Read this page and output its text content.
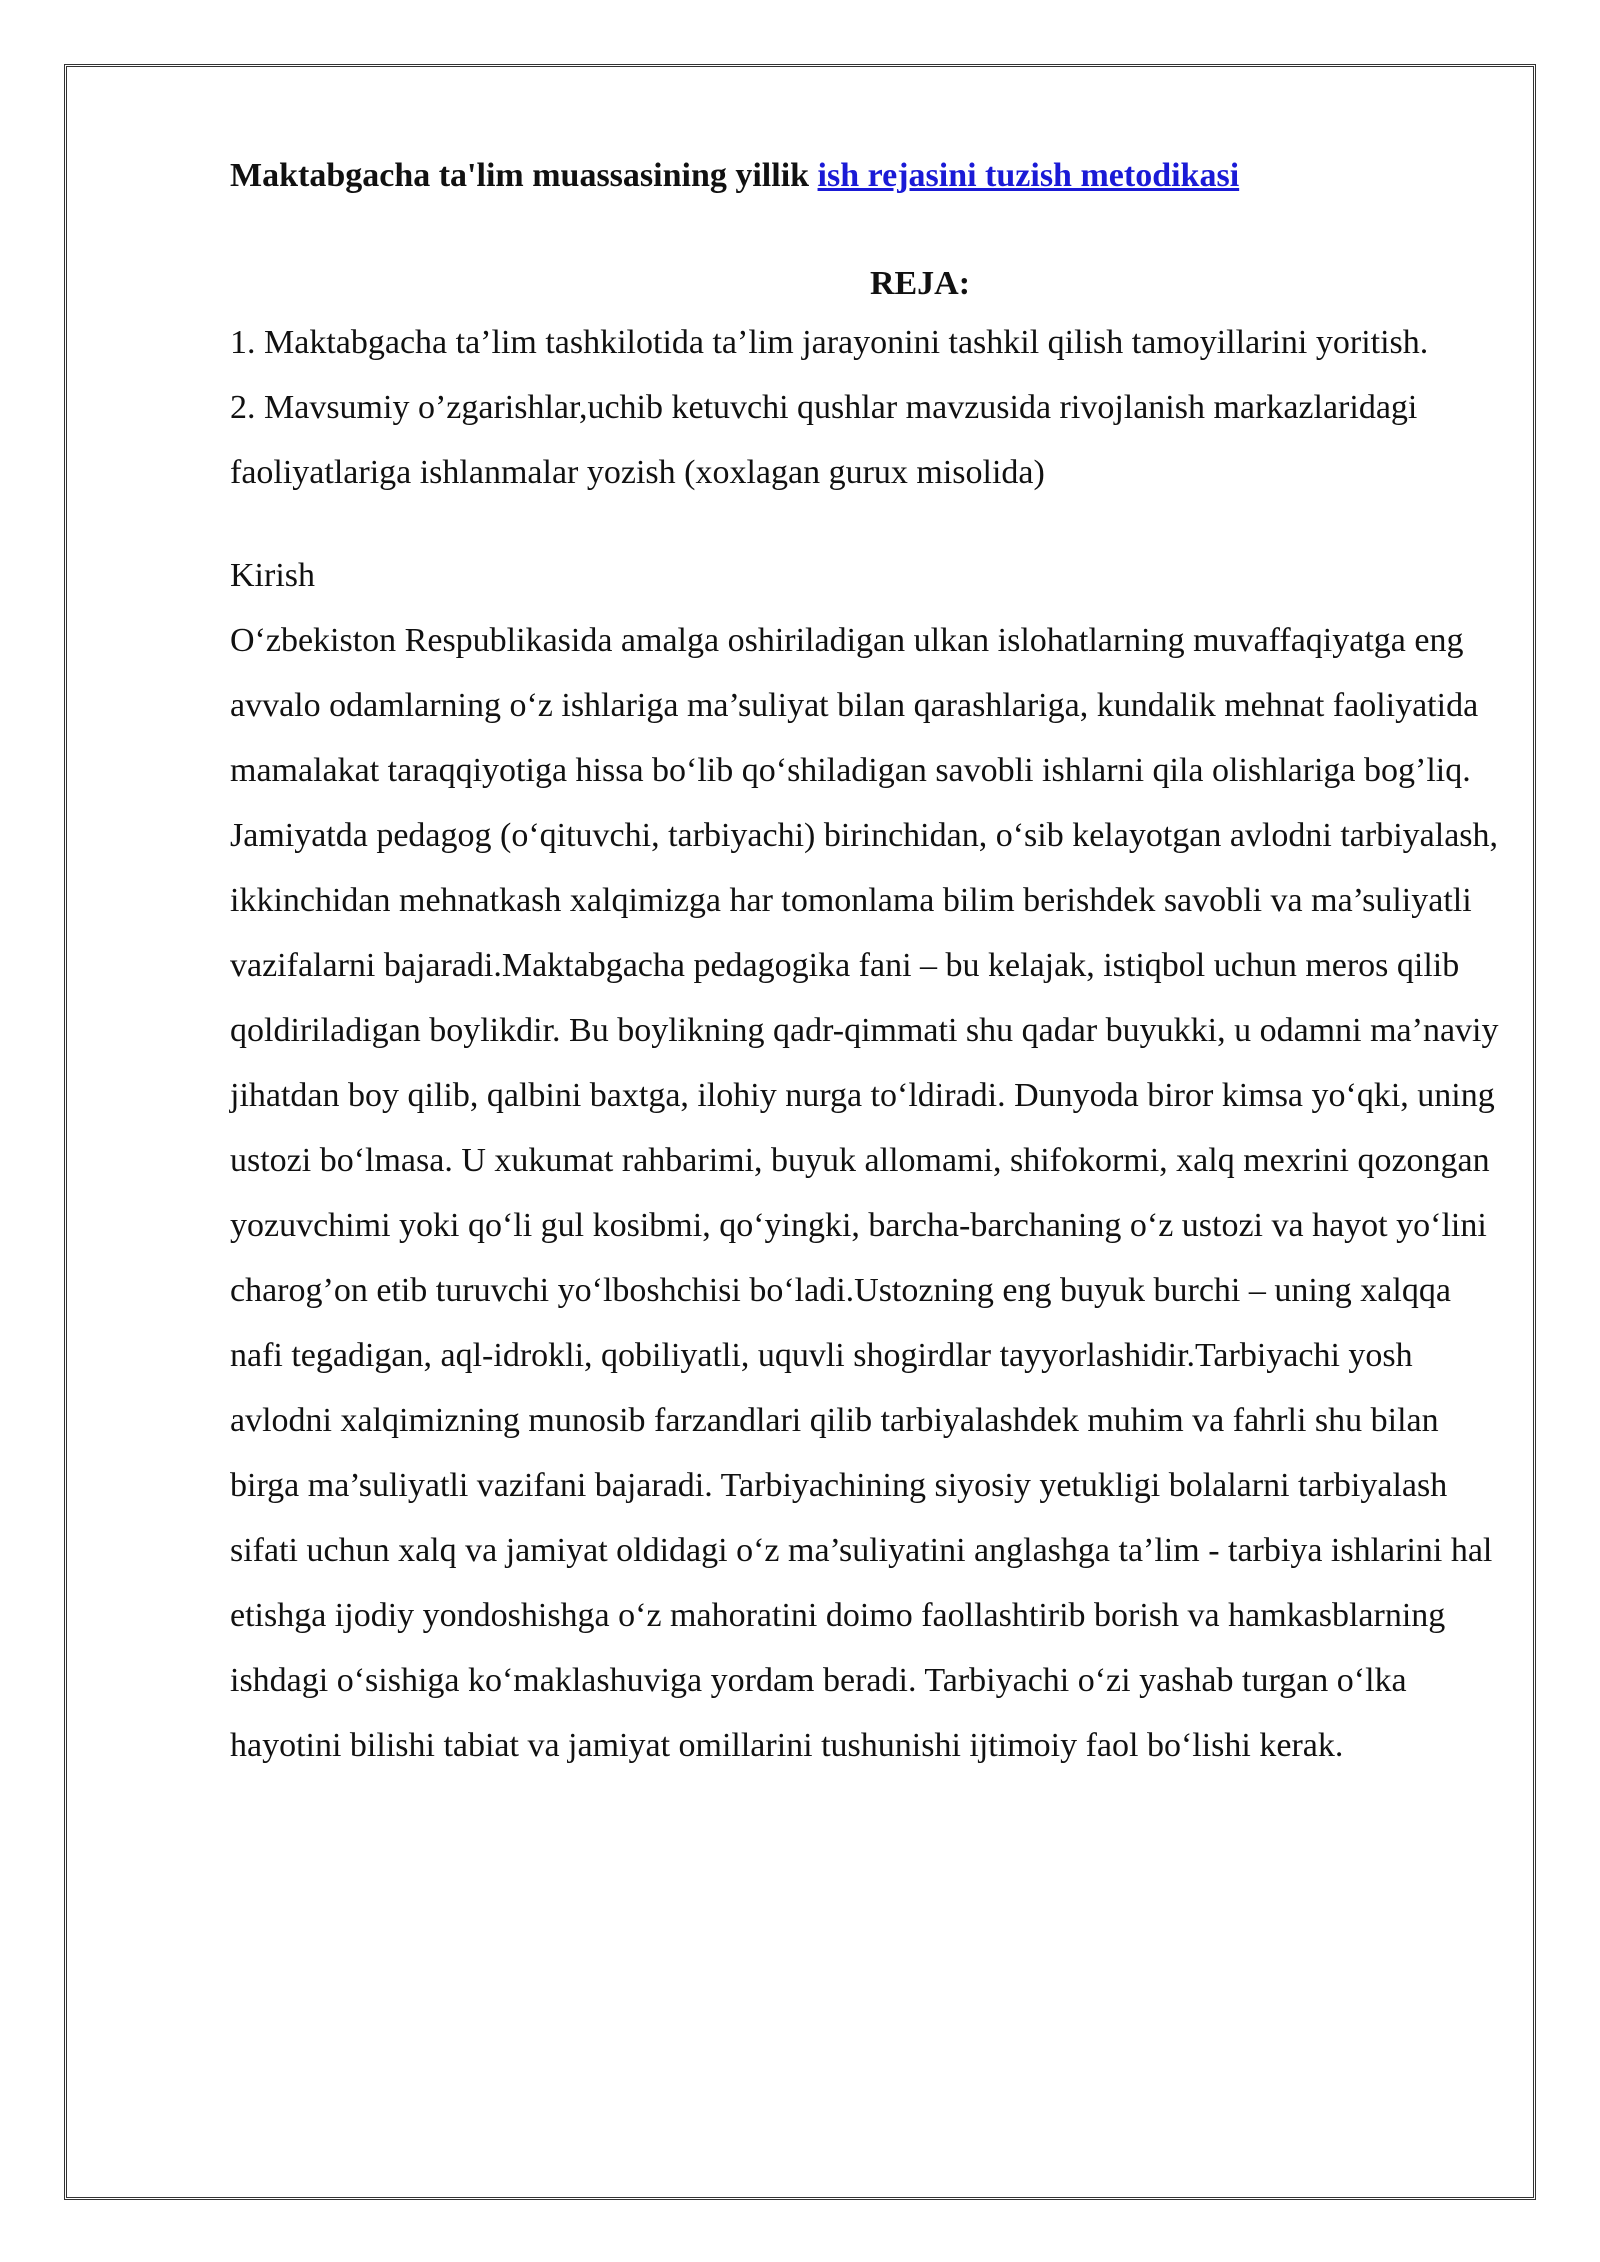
Maktabgacha ta'lim muassasining yillik ish rejasini tuzish metodikasi
REJA:
1. Maktabgacha ta’lim tashkilotida ta’lim jarayonini tashkil qilish tamoyillarini yoritish.
2. Mavsumiy o’zgarishlar,uchib ketuvchi qushlar mavzusida rivojlanish markazlaridagi faoliyatlariga ishlanmalar yozish (xoxlagan gurux misolida)
Kirish

O‘zbekiston Respublikasida amalga oshiriladigan ulkan islohatlarning muvaffaqiyatga eng avvalo odamlarning o‘z ishlariga ma’suliyat bilan qarashlariga, kundalik mehnat faoliyatida mamalakat taraqqiyotiga hissa bo‘lib qo‘shiladigan savobli ishlarni qila olishlariga bog’liq. Jamiyatda pedagog (o‘qituvchi, tarbiyachi) birinchidan, o‘sib kelayotgan avlodni tarbiyalash, ikkinchidan mehnatkash xalqimizga har tomonlama bilim berishdek savobli va ma’suliyatli vazifalarni bajaradi.Maktabgacha pedagogika fani – bu kelajak, istiqbol uchun meros qilib qoldiriladigan boylikdir. Bu boylikning qadr-qimmati shu qadar buyukki, u odamni ma’naviy jihatdan boy qilib, qalbini baxtga, ilohiy nurga to‘ldiradi. Dunyoda biror kimsa yo‘qki, uning ustozi bo‘lmasa. U xukumat rahbarimi, buyuk allomami, shifokormi, xalq mexrini qozongan yozuvchimi yoki qo‘li gul kosibmi, qo‘yingki, barcha-barchaning o‘z ustozi va hayot yo‘lini charog’on etib turuvchi yo‘lboshchisi bo‘ladi.Ustozning eng buyuk burchi – uning xalqqa nafi tegadigan, aql-idrokli, qobiliyatli, uquvli shogirdlar tayyorlashidir.Tarbiyachi yosh avlodni xalqimizning munosib farzandlari qilib tarbiyalashdek muhim va fahrli shu bilan birga ma’suliyatli vazifani bajaradi. Tarbiyachining siyosiy yetukligi bolalarni tarbiyalash sifati uchun xalq va jamiyat oldidagi o‘z ma’suliyatini anglashga ta’lim - tarbiya ishlarini hal etishga ijodiy yondoshishga o‘z mahoratini doimo faollashtirib borish va hamkasblarning ishdagi o‘sishiga ko‘maklashuviga yordam beradi. Tarbiyachi o‘zi yashab turgan o‘lka hayotini bilishi tabiat va jamiyat omillarini tushunishi ijtimoiy faol bo‘lishi kerak.
